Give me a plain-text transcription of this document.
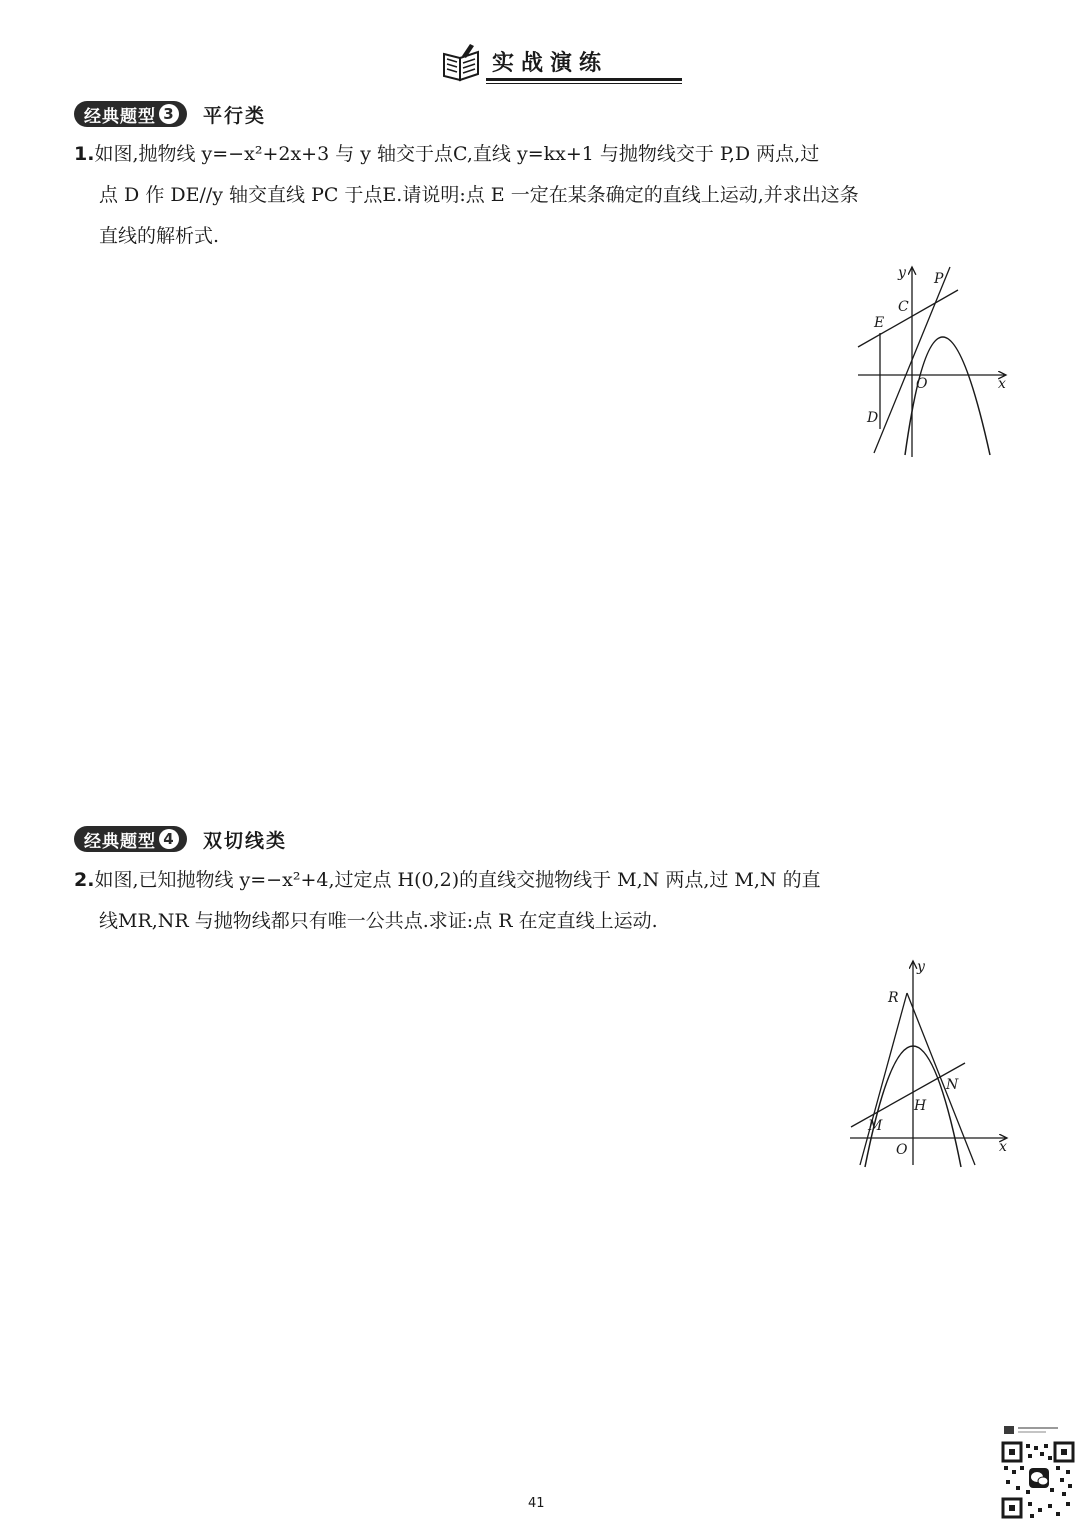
实战演练
经典题型 3 平行类
1.如图,抛物线 y=−x²+2x+3 与 y 轴交于点C,直线 y=kx+1 与抛物线交于 P,D 两点,过
点 D 作 DE//y 轴交直线 PC 于点E.请说明:点 E 一定在某条确定的直线上运动,并求出这条
直线的解析式.
y
x
O
P
C
E
D
经典题型 4 双切线类
2.如图,已知抛物线 y=−x²+4,过定点 H(0,2)的直线交抛物线于 M,N 两点,过 M,N 的直
线MR,NR 与抛物线都只有唯一公共点.求证:点 R 在定直线上运动.
y
x
O
R
N
H
M
41
